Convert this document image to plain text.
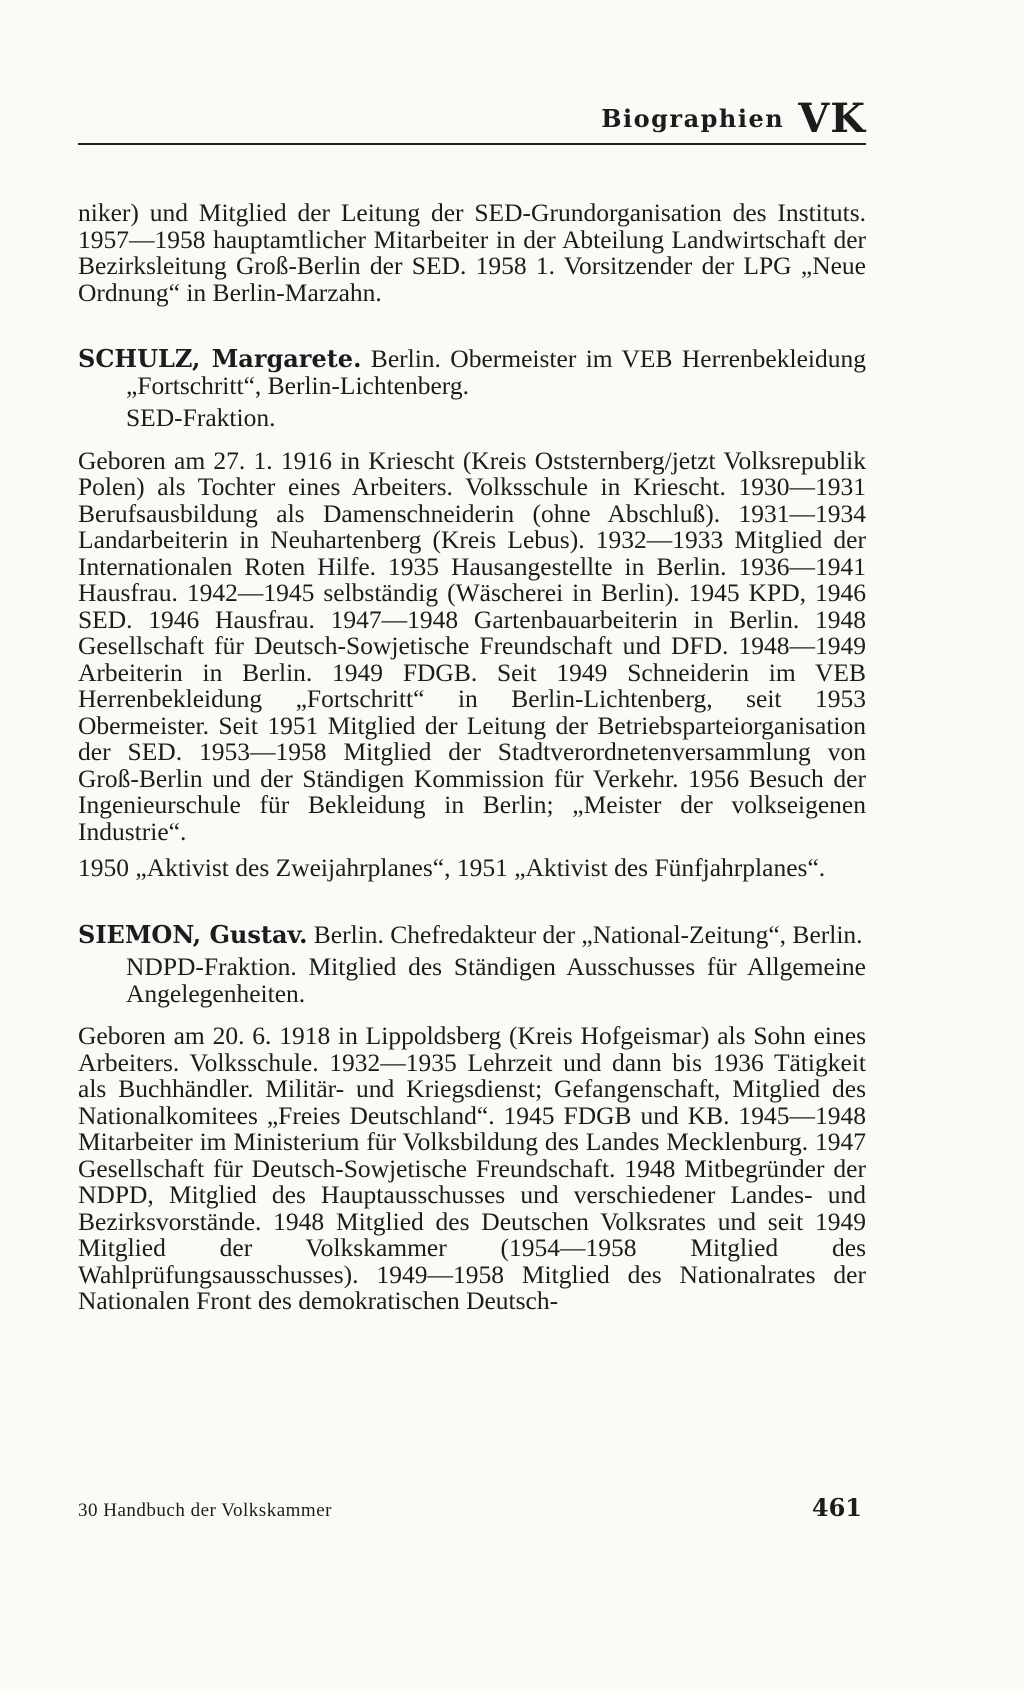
Biographien VK

niker) und Mitglied der Leitung der SED-Grundorganisation des Instituts. 1957—1958 hauptamtlicher Mitarbeiter in der Abteilung Landwirtschaft der Bezirksleitung Groß-Berlin der SED. 1958 1. Vorsitzender der LPG „Neue Ordnung“ in Berlin-Marzahn.

SCHULZ, Margarete. Berlin. Obermeister im VEB Herrenbekleidung „Fortschritt“, Berlin-Lichtenberg.

SED-Fraktion.

Geboren am 27. 1. 1916 in Kriescht (Kreis Oststernberg/jetzt Volksrepublik Polen) als Tochter eines Arbeiters. Volksschule in Kriescht. 1930—1931 Berufsausbildung als Damenschneiderin (ohne Abschluß). 1931—1934 Landarbeiterin in Neuhartenberg (Kreis Lebus). 1932—1933 Mitglied der Internationalen Roten Hilfe. 1935 Hausangestellte in Berlin. 1936—1941 Hausfrau. 1942—1945 selbständig (Wäscherei in Berlin). 1945 KPD, 1946 SED. 1946 Hausfrau. 1947—1948 Gartenbauarbeiterin in Berlin. 1948 Gesellschaft für Deutsch-Sowjetische Freundschaft und DFD. 1948—1949 Arbeiterin in Berlin. 1949 FDGB. Seit 1949 Schneiderin im VEB Herrenbekleidung „Fortschritt“ in Berlin-Lichtenberg, seit 1953 Obermeister. Seit 1951 Mitglied der Leitung der Betriebsparteiorganisation der SED. 1953—1958 Mitglied der Stadtverordnetenversammlung von Groß-Berlin und der Ständigen Kommission für Verkehr. 1956 Besuch der Ingenieurschule für Bekleidung in Berlin; „Meister der volkseigenen Industrie“.

1950 „Aktivist des Zweijahrplanes“, 1951 „Aktivist des Fünfjahrplanes“.

SIEMON, Gustav. Berlin. Chefredakteur der „National-Zeitung“, Berlin.

NDPD-Fraktion. Mitglied des Ständigen Ausschusses für Allgemeine Angelegenheiten.

Geboren am 20. 6. 1918 in Lippoldsberg (Kreis Hofgeismar) als Sohn eines Arbeiters. Volksschule. 1932—1935 Lehrzeit und dann bis 1936 Tätigkeit als Buchhändler. Militär- und Kriegsdienst; Gefangenschaft, Mitglied des Nationalkomitees „Freies Deutschland“. 1945 FDGB und KB. 1945—1948 Mitarbeiter im Ministerium für Volksbildung des Landes Mecklenburg. 1947 Gesellschaft für Deutsch-Sowjetische Freundschaft. 1948 Mitbegründer der NDPD, Mitglied des Hauptausschusses und verschiedener Landes- und Bezirksvorstände. 1948 Mitglied des Deutschen Volksrates und seit 1949 Mitglied der Volkskammer (1954—1958 Mitglied des Wahlprüfungsausschusses). 1949—1958 Mitglied des Nationalrates der Nationalen Front des demokratischen Deutsch-

30 Handbuch der Volkskammer	461
